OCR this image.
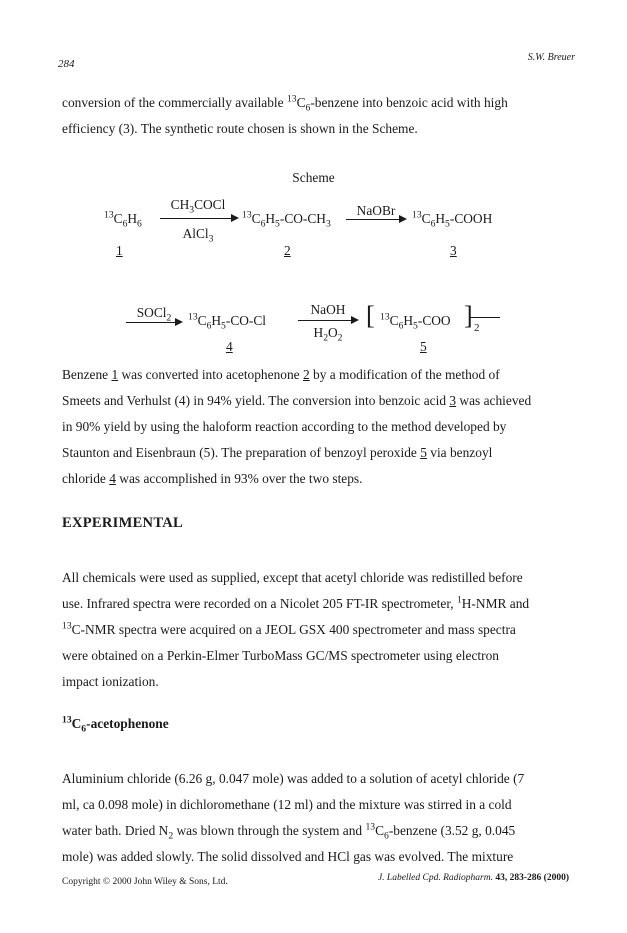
284
S.W. Breuer
conversion of the commercially available $^{13}C_6$-benzene into benzoic acid with high
efficiency (3). The synthetic route chosen is shown in the Scheme.
Scheme
$^{13}C_6H_6$
1
$CH_3COCl$
AlCl$_3$
$^{13}C_6H_5-CO-CH_3$
2
NaOBr → $^{13}C_6H_5$-COOH
3
SOCl$_2$ → $^{13}C_6H_5-CO-Cl$
4
NaOH
$H_2O_2$
[ $^{13}C_6H_5$-COO ] 2
5
Benzene 1 was converted into acetophenone 2 by a modification of the method of
Smeets and Verhulst (4) in 94% yield. The conversion into benzoic acid 3 was achieved
in 90% yield by using the haloform reaction according to the method developed by
Staunton and Eisenbraun (5). The preparation of benzoyl peroxide 5 via benzoyl
chloride 4 was accomplished in 93% over the two steps.
EXPERIMENTAL
All chemicals were used as supplied, except that acetyl chloride was redistilled before
use. Infrared spectra were recorded on a Nicolet 205 FT-IR spectrometer, $^1$H-NMR and
$^{13}$C-NMR spectra were acquired on a JEOL GSX 400 spectrometer and mass spectra
were obtained on a Perkin-Elmer TurboMass GC/MS spectrometer using electron
impact ionization.
$^{13}C_6$-acetophenone
Aluminium chloride (6.26 g, 0.047 mole) was added to a solution of acetyl chloride (7
ml, ca 0.098 mole) in dichloromethane (12 ml) and the mixture was stirred in a cold
water bath. Dried $N_2$ was blown through the system and $^{13}C_6$-benzene (3.52 g, 0.045
mole) was added slowly. The solid dissolved and HCl gas was evolved. The mixture
Copyright © 2000 John Wiley & Sons, Ltd.	J. Labelled Cpd. Radiopharm. 43, 283-286 (2000)
